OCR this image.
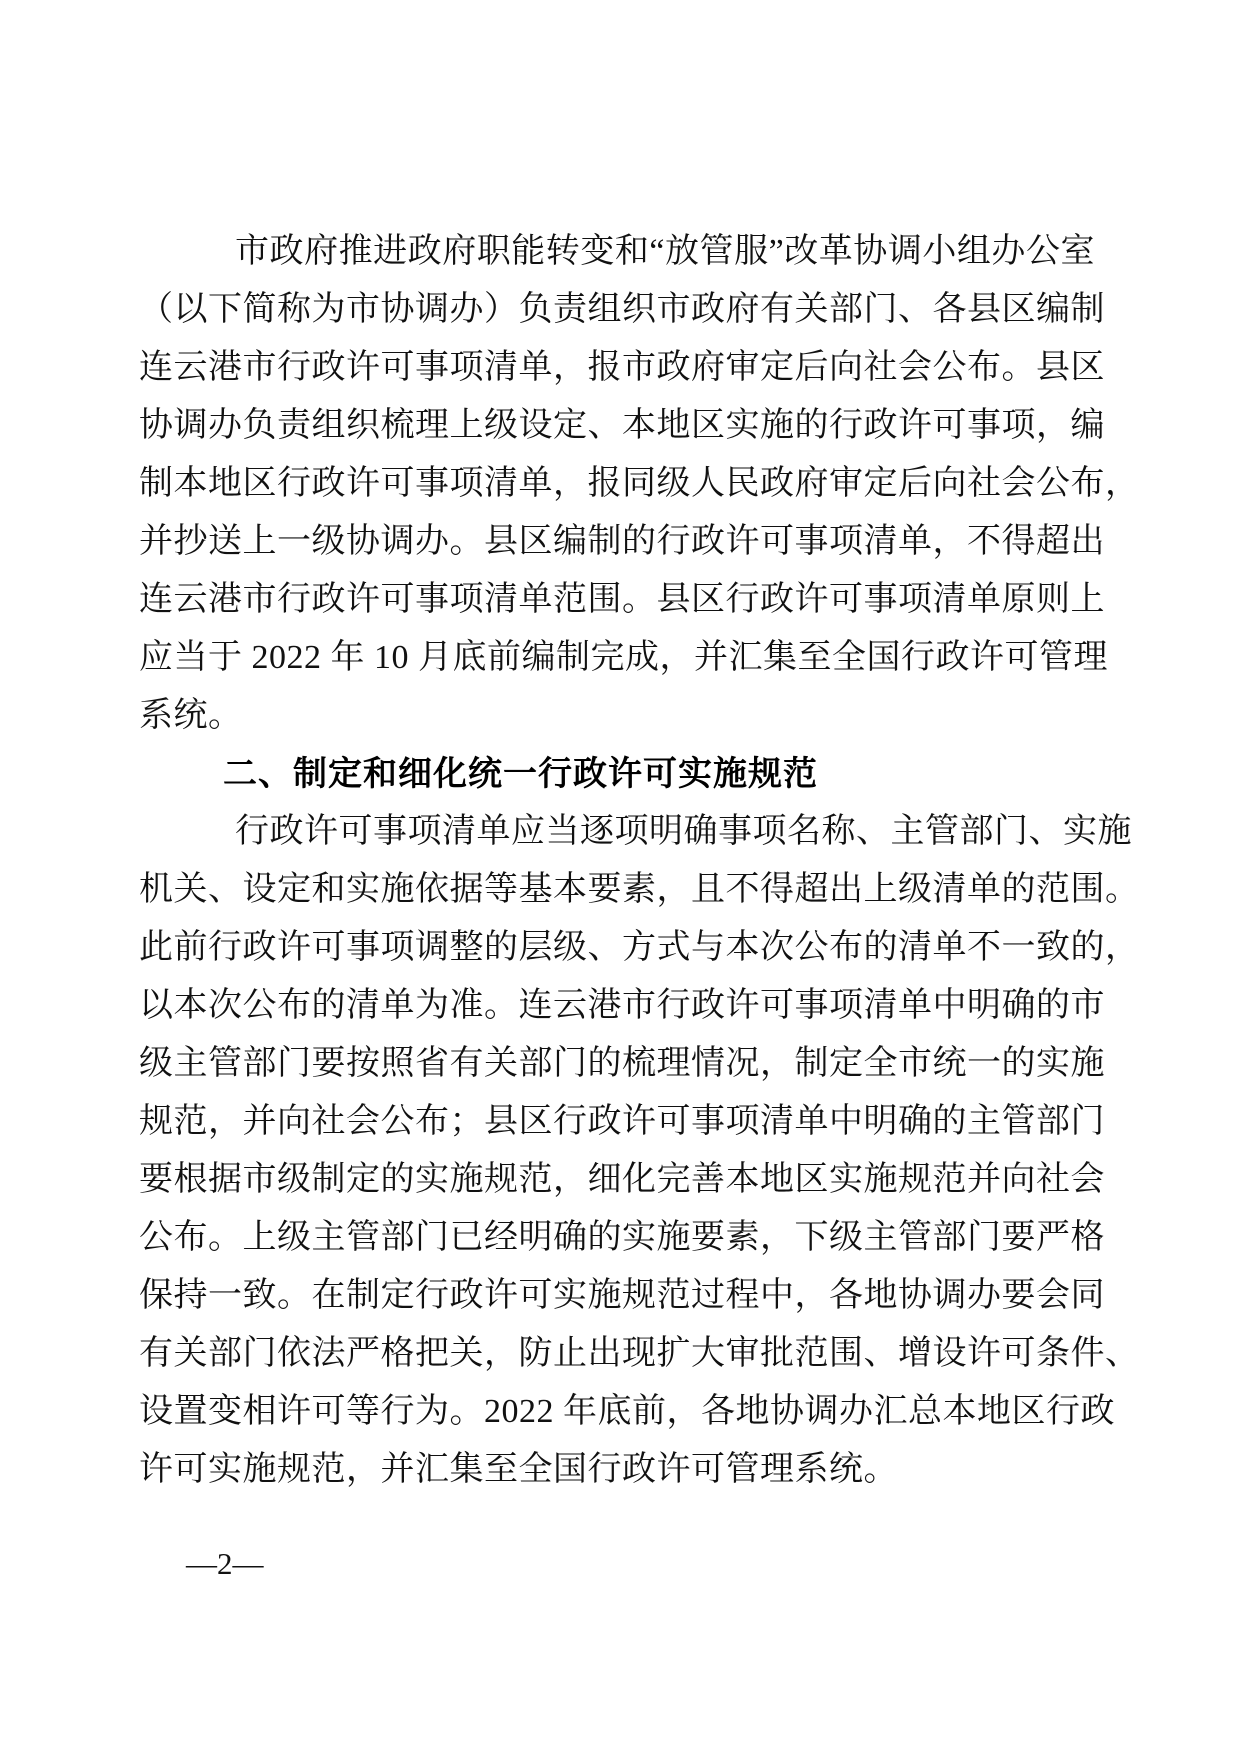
市政府推进政府职能转变和“放管服”改革协调小组办公室
（以下简称为市协调办）负责组织市政府有关部门、各县区编制
连云港市行政许可事项清单，报市政府审定后向社会公布。县区
协调办负责组织梳理上级设定、本地区实施的行政许可事项，编
制本地区行政许可事项清单，报同级人民政府审定后向社会公布，
并抄送上一级协调办。县区编制的行政许可事项清单，不得超出
连云港市行政许可事项清单范围。县区行政许可事项清单原则上
应当于 2022 年 10 月底前编制完成，并汇集至全国行政许可管理
系统。
二、制定和细化统一行政许可实施规范
行政许可事项清单应当逐项明确事项名称、主管部门、实施
机关、设定和实施依据等基本要素，且不得超出上级清单的范围。
此前行政许可事项调整的层级、方式与本次公布的清单不一致的，
以本次公布的清单为准。连云港市行政许可事项清单中明确的市
级主管部门要按照省有关部门的梳理情况，制定全市统一的实施
规范，并向社会公布；县区行政许可事项清单中明确的主管部门
要根据市级制定的实施规范，细化完善本地区实施规范并向社会
公布。上级主管部门已经明确的实施要素，下级主管部门要严格
保持一致。在制定行政许可实施规范过程中，各地协调办要会同
有关部门依法严格把关，防止出现扩大审批范围、增设许可条件、
设置变相许可等行为。2022 年底前，各地协调办汇总本地区行政
许可实施规范，并汇集至全国行政许可管理系统。
—2—
